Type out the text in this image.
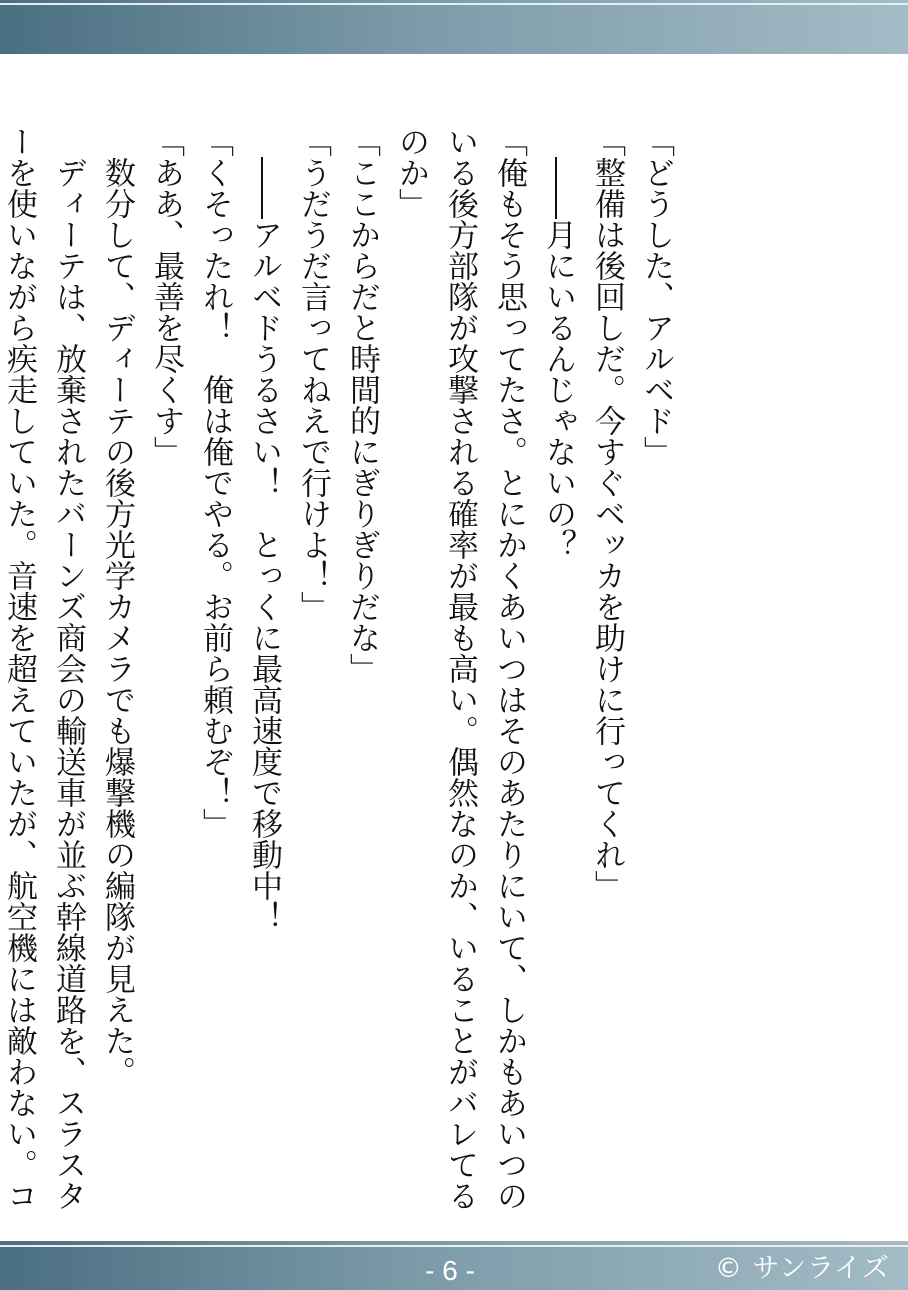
「どうした、アルベド」

「整備は後回しだ。今すぐベッカを助けに行ってくれ」

――月にいるんじゃないの？

「俺もそう思ってたさ。とにかくあいつはそのあたりにいて、しかもあいつのいる後方部隊が攻撃される確率が最も高い。偶然なのか、いることがバレてるのか」

「ここからだと時間的にぎりぎりだな」

「うだうだ言ってねえで行けよ！」

――アルベドうるさい！　とっくに最高速度で移動中！

「くそったれ！　俺は俺でやる。お前ら頼むぞ！」

「ああ、最善を尽くす」

数分して、ディーテの後方光学カメラでも爆撃機の編隊が見えた。

ディーテは、放棄されたバーンズ商会の輸送車が並ぶ幹線道路を、スラスターを使いながら疾走していた。音速を超えていたが、航空機には敵わない。コ

- 6 -	© サンライズ
